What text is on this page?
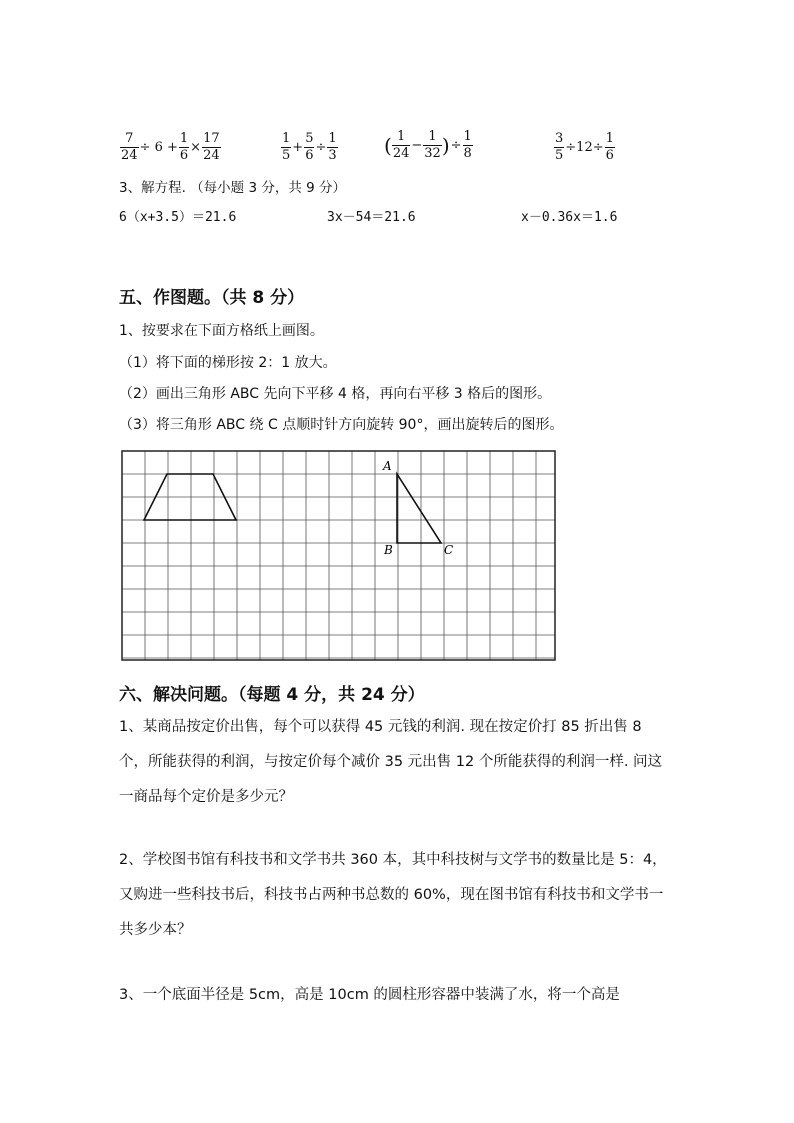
$\frac{7}{24} \div 6 + \frac{1}{6} \times \frac{17}{24}$	$\frac{1}{5} + \frac{5}{6} \div \frac{1}{3}$ ( $\frac{1}{24} - \frac{1}{32}$ )÷ $\frac{1}{8}$	$\frac{3}{5} \div 12\div \frac{1}{6}$
3、解方程. （每小题 3 分，共 9 分）
6（x+3.5）＝21.6	3x－54＝21.6	x－0.36x＝1.6
五、作图题。（共 8 分）
1、按要求在下面方格纸上画图。
（1）将下面的梯形按 2：1 放大。
（2）画出三角形 ABC 先向下平移 4 格，再向右平移 3 格后的图形。
（3）将三角形 ABC 绕 C 点顺时针方向旋转 90°，画出旋转后的图形。
A
B	C
六、解决问题。（每题 4 分，共 24 分）
1、某商品按定价出售，每个可以获得 45 元钱的利润. 现在按定价打 85 折出售 8 个，所能获得的利润，与按定价每个减价 35 元出售 12 个所能获得的利润一样. 问这一商品每个定价是多少元？
2、学校图书馆有科技书和文学书共 360 本，其中科技树与文学书的数量比是 5：4，又购进一些科技书后，科技书占两种书总数的 60%，现在图书馆有科技书和文学书一共多少本？
3、一个底面半径是 5cm，高是 10cm 的圆柱形容器中装满了水，将一个高是
